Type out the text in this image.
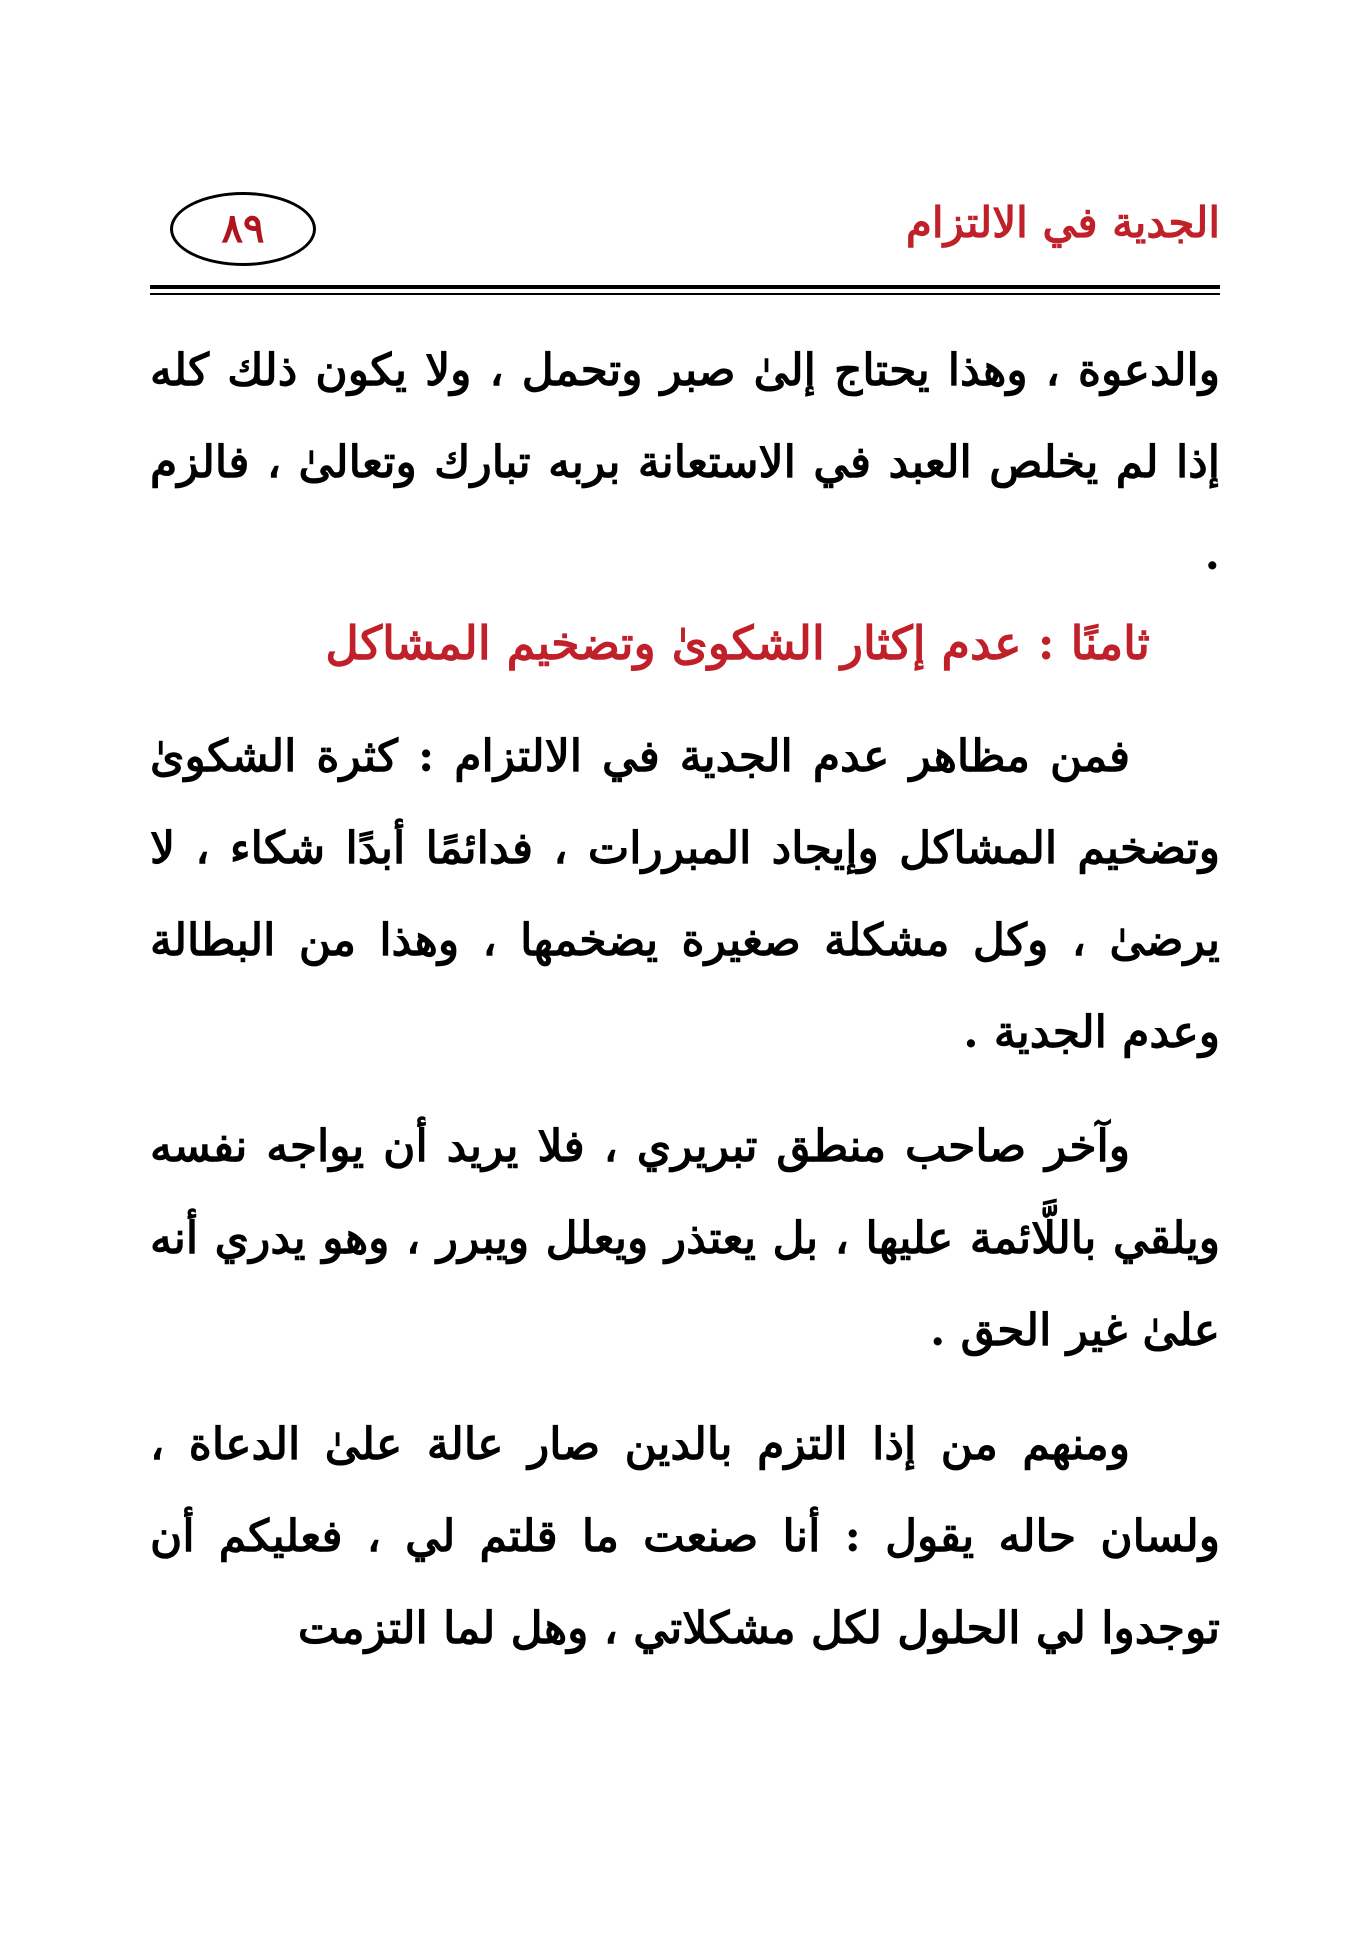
الجدية في الالتزام
٨٩

والدعوة ، وهذا يحتاج إلىٰ صبر وتحمل ، ولا يكون ذلك كله إذا لم يخلص العبد في الاستعانة بربه تبارك وتعالىٰ ، فالزم .

ثامنًا : عدم إكثار الشكوىٰ وتضخيم المشاكل

فمن مظاهر عدم الجدية في الالتزام : كثرة الشكوىٰ وتضخيم المشاكل وإيجاد المبررات ، فدائمًا أبدًا شكاء ، لا يرضىٰ ، وكل مشكلة صغيرة يضخمها ، وهذا من البطالة وعدم الجدية .

وآخر صاحب منطق تبريري ، فلا يريد أن يواجه نفسه ويلقي باللَّائمة عليها ، بل يعتذر ويعلل ويبرر ، وهو يدري أنه علىٰ غير الحق .

ومنهم من إذا التزم بالدين صار عالة علىٰ الدعاة ، ولسان حاله يقول : أنا صنعت ما قلتم لي ، فعليكم أن توجدوا لي الحلول لكل مشكلاتي ، وهل لما التزمت
